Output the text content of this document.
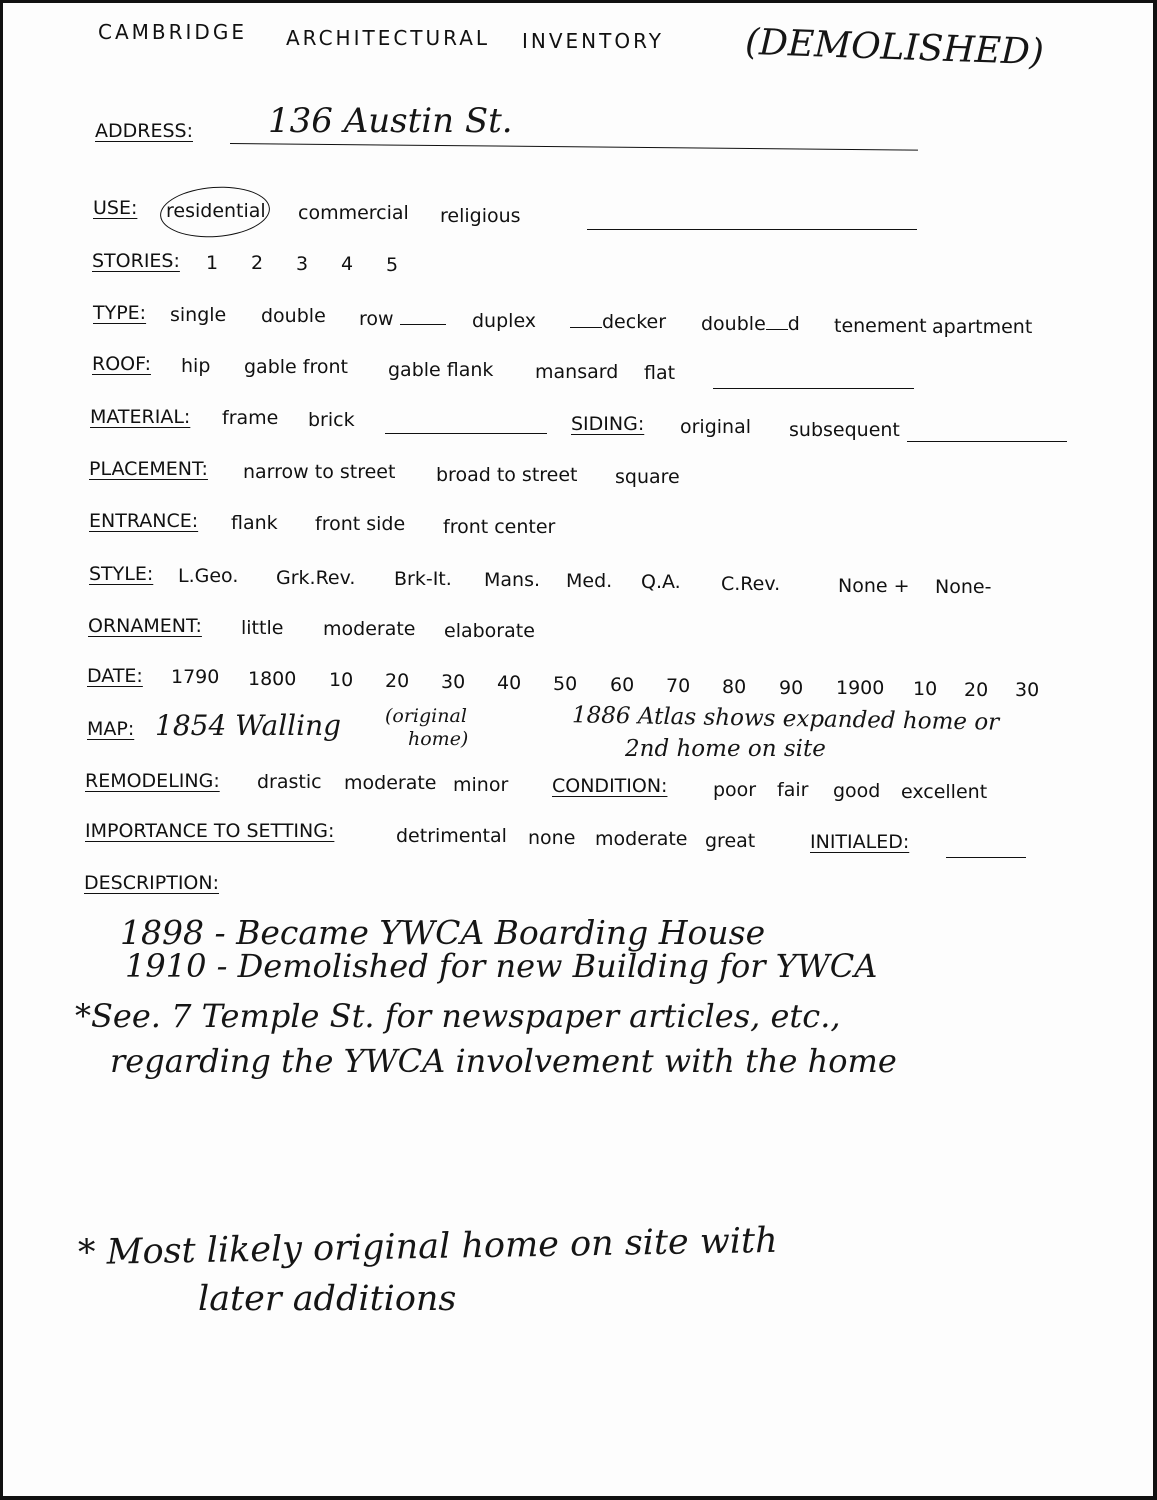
CAMBRIDGE ARCHITECTURAL INVENTORY (DEMOLISHED)
ADDRESS: 136 Austin St.
USE: residential commercial religious
STORIES: 1 2 3 4 5
TYPE: single double row	duplex	decker double d tenement apartment
ROOF: hip gable front gable flank mansard flat
MATERIAL: frame brick	SIDING: original subsequent
PLACEMENT: narrow to street broad to street square
ENTRANCE: flank front side front center
STYLE: L.Geo. Grk.Rev. Brk-It. Mans. Med. Q.A. C.Rev.	None + None-
ORNAMENT: little moderate elaborate
DATE: 1790 1800 10 20 30 40 50 60 70 80 90 1900 10 20 30
MAP: 1854 Walling (original
home)
1886 Atlas shows expanded home or
2nd home on site
REMODELING: drastic moderate minor CONDITION: poor fair good excellent
IMPORTANCE TO SETTING:	detrimental none moderate great	INITIALED:
DESCRIPTION:
1898 - Became YWCA Boarding House
1910 - Demolished for new Building for YWCA
*See. 7 Temple St. for newspaper articles, etc.,
regarding the YWCA involvement with the home
* Most likely original home on site with
later additions
